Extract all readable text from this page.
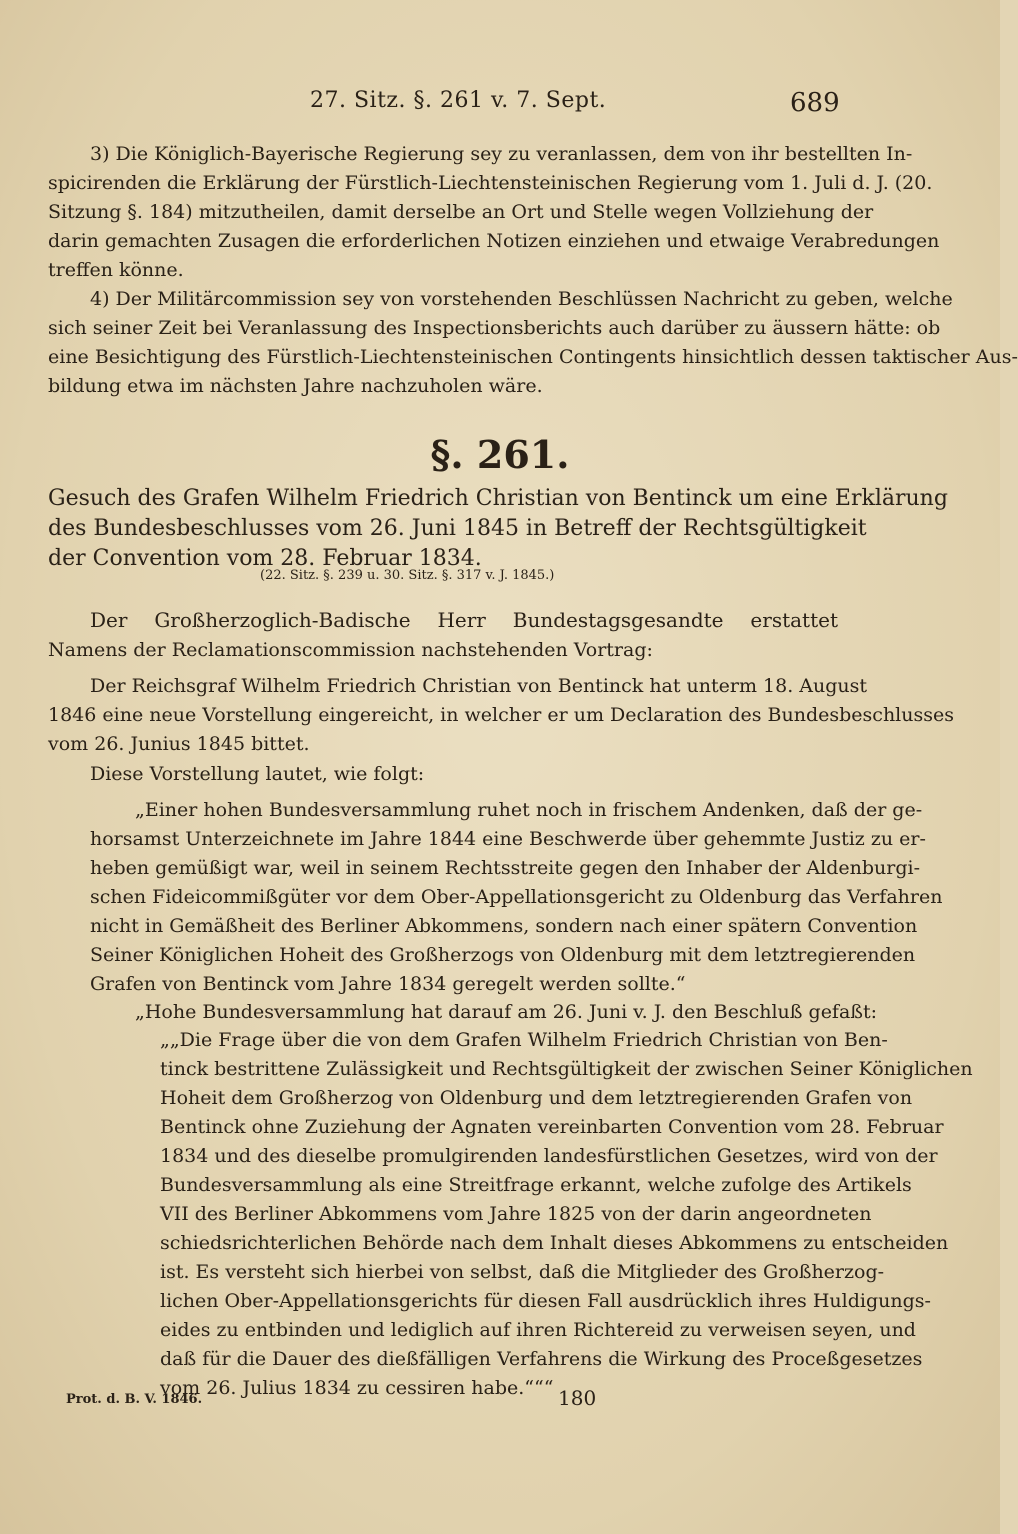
27. Sitz. §. 261 v. 7. Sept.	689
3) Die Königlich-Bayerische Regierung sey zu veranlassen, dem von ihr bestellten In-
spicirenden die Erklärung der Fürstlich-Liechtensteinischen Regierung vom 1. Juli d. J. (20.
Sitzung §. 184) mitzutheilen, damit derselbe an Ort und Stelle wegen Vollziehung der
darin gemachten Zusagen die erforderlichen Notizen einziehen und etwaige Verabredungen
treffen könne.
4) Der Militärcommission sey von vorstehenden Beschlüssen Nachricht zu geben, welche
sich seiner Zeit bei Veranlassung des Inspectionsberichts auch darüber zu äussern hätte: ob
eine Besichtigung des Fürstlich-Liechtensteinischen Contingents hinsichtlich dessen taktischer Aus-
bildung etwa im nächsten Jahre nachzuholen wäre.
§. 261.
Gesuch des Grafen Wilhelm Friedrich Christian von Bentinck um eine Erklärung
des Bundesbeschlusses vom 26. Juni 1845 in Betreff der Rechtsgültigkeit
der Convention vom 28. Februar 1834.
(22. Sitz. §. 239 u. 30. Sitz. §. 317 v. J. 1845.)
Der Großherzoglich-Badische Herr Bundestagsgesandte erstattet
Namens der Reclamationscommission nachstehenden Vortrag:
Der Reichsgraf Wilhelm Friedrich Christian von Bentinck hat unterm 18. August
1846 eine neue Vorstellung eingereicht, in welcher er um Declaration des Bundesbeschlusses
vom 26. Junius 1845 bittet.
Diese Vorstellung lautet, wie folgt:
„Einer hohen Bundesversammlung ruhet noch in frischem Andenken, daß der ge-
horsamst Unterzeichnete im Jahre 1844 eine Beschwerde über gehemmte Justiz zu er-
heben gemüßigt war, weil in seinem Rechtsstreite gegen den Inhaber der Aldenburgi-
schen Fideicommißgüter vor dem Ober-Appellationsgericht zu Oldenburg das Verfahren
nicht in Gemäßheit des Berliner Abkommens, sondern nach einer spätern Convention
Seiner Königlichen Hoheit des Großherzogs von Oldenburg mit dem letztregierenden
Grafen von Bentinck vom Jahre 1834 geregelt werden sollte.“
„Hohe Bundesversammlung hat darauf am 26. Juni v. J. den Beschluß gefaßt:
„„Die Frage über die von dem Grafen Wilhelm Friedrich Christian von Ben-
tinck bestrittene Zulässigkeit und Rechtsgültigkeit der zwischen Seiner Königlichen
Hoheit dem Großherzog von Oldenburg und dem letztregierenden Grafen von
Bentinck ohne Zuziehung der Agnaten vereinbarten Convention vom 28. Februar
1834 und des dieselbe promulgirenden landesfürstlichen Gesetzes, wird von der
Bundesversammlung als eine Streitfrage erkannt, welche zufolge des Artikels
VII des Berliner Abkommens vom Jahre 1825 von der darin angeordneten
schiedsrichterlichen Behörde nach dem Inhalt dieses Abkommens zu entscheiden
ist. Es versteht sich hierbei von selbst, daß die Mitglieder des Großherzog-
lichen Ober-Appellationsgerichts für diesen Fall ausdrücklich ihres Huldigungs-
eides zu entbinden und lediglich auf ihren Richtereid zu verweisen seyen, und
daß für die Dauer des dießfälligen Verfahrens die Wirkung des Proceßgesetzes
vom 26. Julius 1834 zu cessiren habe.“““
Prot. d. B. V. 1846.	180
